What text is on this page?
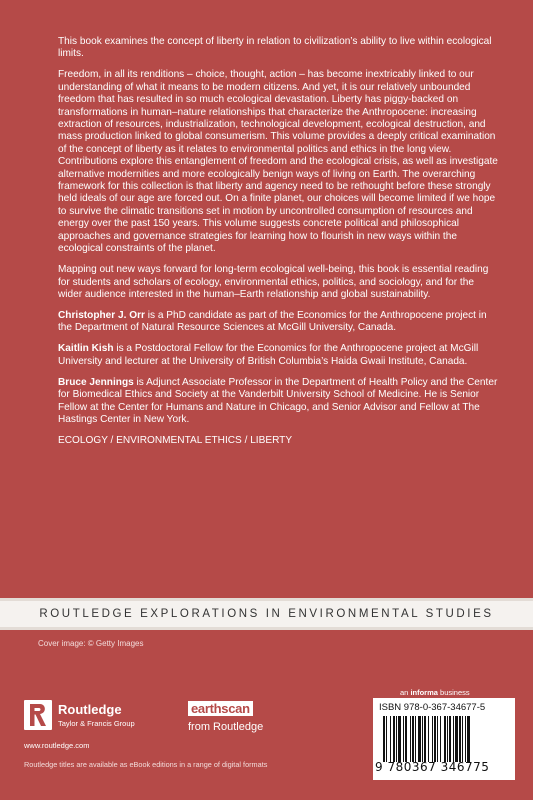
This book examines the concept of liberty in relation to civilization’s ability to live within ecological limits.

Freedom, in all its renditions – choice, thought, action – has become inextricably linked to our understanding of what it means to be modern citizens. And yet, it is our relatively unbounded freedom that has resulted in so much ecological devastation. Liberty has piggy-backed on transformations in human–nature relationships that characterize the Anthropocene: increasing extraction of resources, industrialization, technological development, ecological destruction, and mass production linked to global consumerism. This volume provides a deeply critical examination of the concept of liberty as it relates to environmental politics and ethics in the long view. Contributions explore this entanglement of freedom and the ecological crisis, as well as investigate alternative modernities and more ecologically benign ways of living on Earth. The overarching framework for this collection is that liberty and agency need to be rethought before these strongly held ideals of our age are forced out. On a finite planet, our choices will become limited if we hope to survive the climatic transitions set in motion by uncontrolled consumption of resources and energy over the past 150 years. This volume suggests concrete political and philosophical approaches and governance strategies for learning how to flourish in new ways within the ecological constraints of the planet.

Mapping out new ways forward for long-term ecological well-being, this book is essential reading for students and scholars of ecology, environmental ethics, politics, and sociology, and for the wider audience interested in the human–Earth relationship and global sustainability.

Christopher J. Orr is a PhD candidate as part of the Economics for the Anthropocene project in the Department of Natural Resource Sciences at McGill University, Canada.

Kaitlin Kish is a Postdoctoral Fellow for the Economics for the Anthropocene project at McGill University and lecturer at the University of British Columbia’s Haida Gwaii Institute, Canada.

Bruce Jennings is Adjunct Associate Professor in the Department of Health Policy and the Center for Biomedical Ethics and Society at the Vanderbilt University School of Medicine. He is Senior Fellow at the Center for Humans and Nature in Chicago, and Senior Advisor and Fellow at The Hastings Center in New York.

ECOLOGY / ENVIRONMENTAL ETHICS / LIBERTY
ROUTLEDGE EXPLORATIONS IN ENVIRONMENTAL STUDIES
Cover image: © Getty Images
Routledge
Taylor & Francis Group
www.routledge.com
earthscan
from Routledge
an informa business
ISBN 978-0-367-34677-5
9 780367 346775
Routledge titles are available as eBook editions in a range of digital formats
